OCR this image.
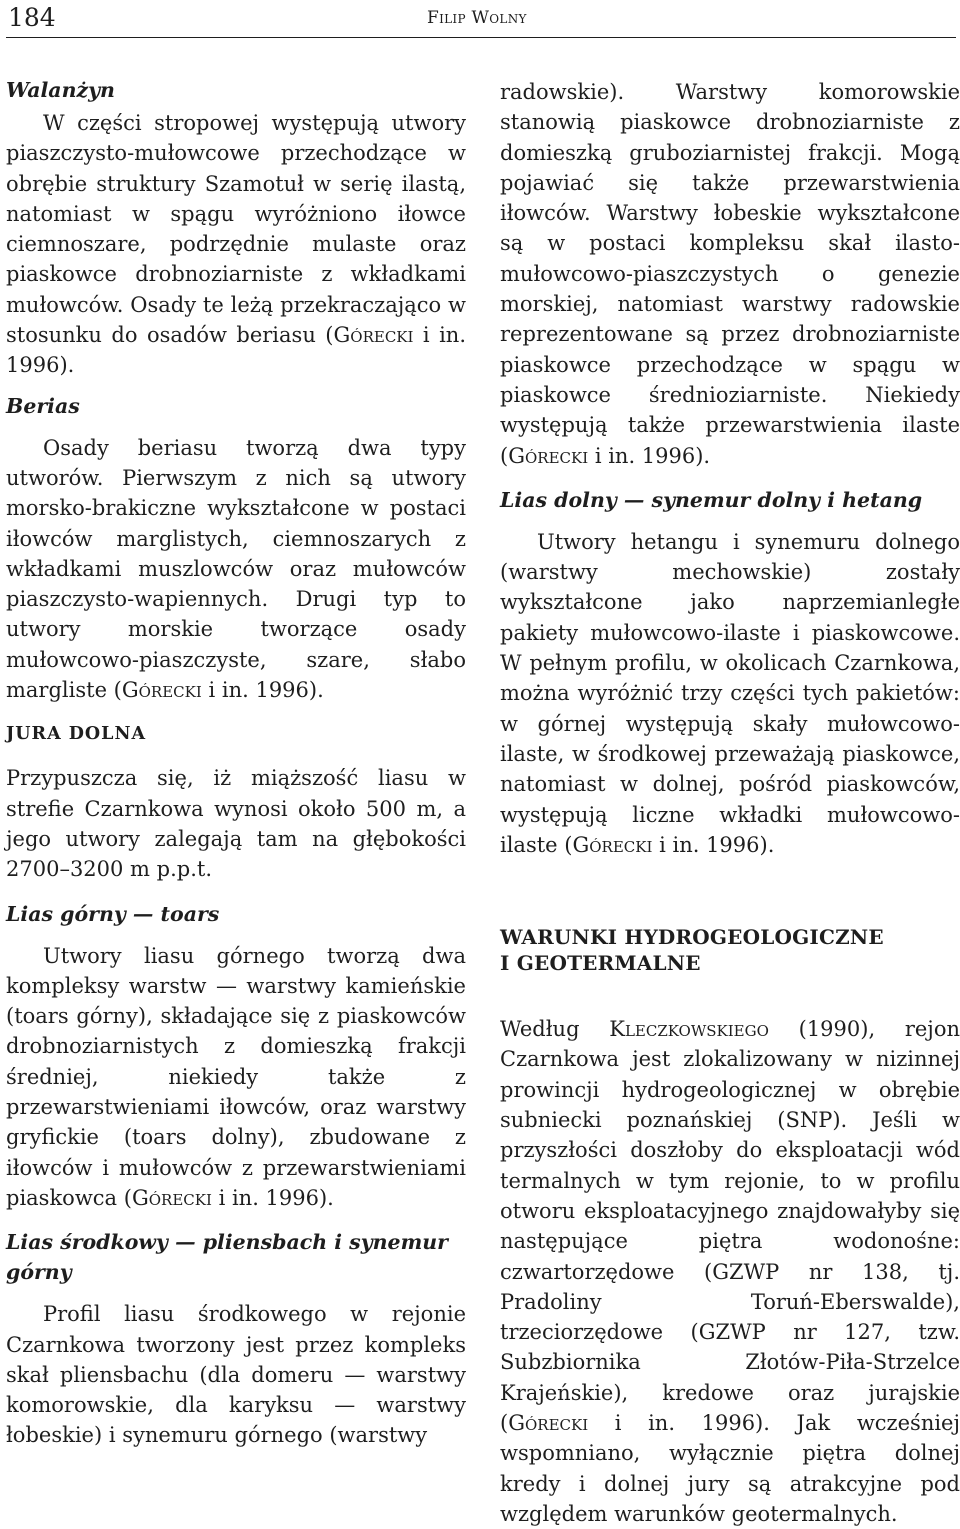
184	Filip Wolny
Walanżyn

W części stropowej występują utwory piaszczysto-mułowcowe przechodzące w obrębie struktury Szamotuł w serię ilastą, natomiast w spągu wyróżniono iłowce ciemnoszare, podrzędnie mulaste oraz piaskowce drobnoziarniste z wkładkami mułowców. Osady te leżą przekraczająco w stosunku do osadów beriasu (Górecki i in. 1996).

Berias

Osady beriasu tworzą dwa typy utworów. Pierwszym z nich są utwory morsko-brakiczne wykształcone w postaci iłowców marglistych, ciemnoszarych z wkładkami muszlowców oraz mułowców piaszczysto-wapiennych. Drugi typ to utwory morskie tworzące osady mułowcowo-piaszczyste, szare, słabo margliste (Górecki i in. 1996).

JURA DOLNA

Przypuszcza się, iż miąższość liasu w strefie Czarnkowa wynosi około 500 m, a jego utwory zalegają tam na głębokości 2700–3200 m p.p.t.

Lias górny — toars

Utwory liasu górnego tworzą dwa kompleksy warstw — warstwy kamieńskie (toars górny), składające się z piaskowców drobnoziarnistych z domieszką frakcji średniej, niekiedy także z przewarstwieniami iłowców, oraz warstwy gryfickie (toars dolny), zbudowane z iłowców i mułowców z przewarstwieniami piaskowca (Górecki i in. 1996).

Lias środkowy — pliensbach i synemur górny

Profil liasu środkowego w rejonie Czarnkowa tworzony jest przez kompleks skał pliensbachu (dla domeru — warstwy komorowskie, dla karyksu — warstwy łobeskie) i synemuru górnego (warstwy

radowskie). Warstwy komorowskie stanowią piaskowce drobnoziarniste z domieszką gruboziarnistej frakcji. Mogą pojawiać się także przewarstwienia iłowców. Warstwy łobeskie wykształcone są w postaci kompleksu skał ilasto-mułowcowo-piaszczystych o genezie morskiej, natomiast warstwy radowskie reprezentowane są przez drobnoziarniste piaskowce przechodzące w spągu w piaskowce średnioziarniste. Niekiedy występują także przewarstwienia ilaste (Górecki i in. 1996).

Lias dolny — synemur dolny i hetang

Utwory hetangu i synemuru dolnego (warstwy mechowskie) zostały wykształcone jako naprzemianległe pakiety mułowcowo-ilaste i piaskowcowe. W pełnym profilu, w okolicach Czarnkowa, można wyróżnić trzy części tych pakietów: w górnej występują skały mułowcowo-ilaste, w środkowej przeważają piaskowce, natomiast w dolnej, pośród piaskowców, występują liczne wkładki mułowcowo-ilaste (Górecki i in. 1996).

WARUNKI HYDROGEOLOGICZNE
I GEOTERMALNE

Według Kleczkowskiego (1990), rejon Czarnkowa jest zlokalizowany w nizinnej prowincji hydrogeologicznej w obrębie subniecki poznańskiej (SNP). Jeśli w przyszłości doszłoby do eksploatacji wód termalnych w tym rejonie, to w profilu otworu eksploatacyjnego znajdowałyby się następujące piętra wodonośne: czwartorzędowe (GZWP nr 138, tj. Pradoliny Toruń-Eberswalde), trzeciorzędowe (GZWP nr 127, tzw. Subzbiornika Złotów-Piła-Strzelce Krajeńskie), kredowe oraz jurajskie (Górecki i in. 1996). Jak wcześniej wspomniano, wyłącznie piętra dolnej kredy i dolnej jury są atrakcyjne pod względem warunków geotermalnych.
